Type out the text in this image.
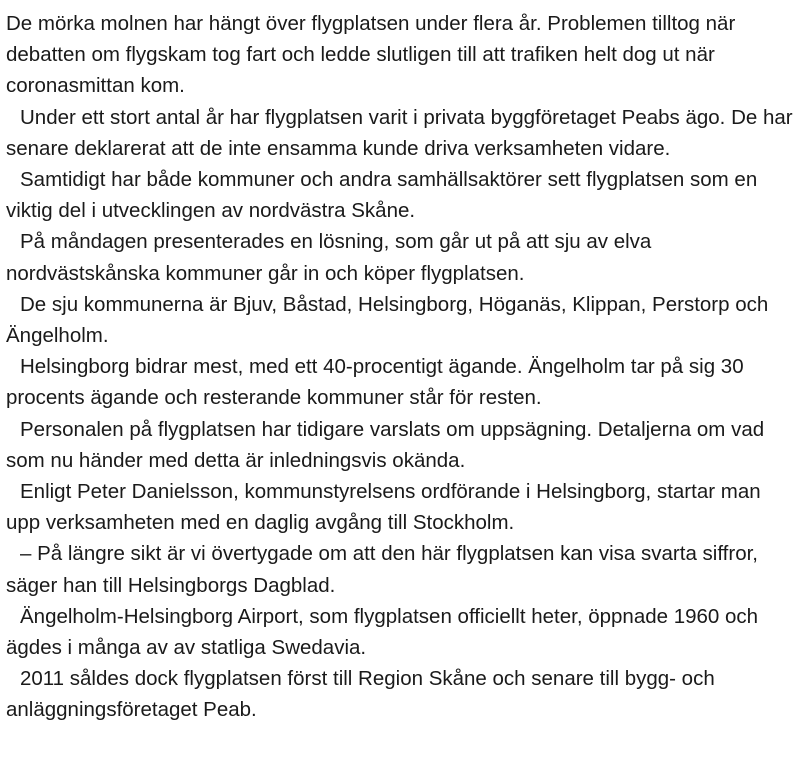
De mörka molnen har hängt över flygplatsen under flera år. Problemen tilltog när debatten om flygskam tog fart och ledde slutligen till att trafiken helt dog ut när coronasmittan kom.

Under ett stort antal år har flygplatsen varit i privata byggföretaget Peabs ägo. De har senare deklarerat att de inte ensamma kunde driva verksamheten vidare.

Samtidigt har både kommuner och andra samhällsaktörer sett flygplatsen som en viktig del i utvecklingen av nordvästra Skåne.

På måndagen presenterades en lösning, som går ut på att sju av elva nordvästskånska kommuner går in och köper flygplatsen.

De sju kommunerna är Bjuv, Båstad, Helsingborg, Höganäs, Klippan, Perstorp och Ängelholm.

Helsingborg bidrar mest, med ett 40-procentigt ägande. Ängelholm tar på sig 30 procents ägande och resterande kommuner står för resten.

Personalen på flygplatsen har tidigare varslats om uppsägning. Detaljerna om vad som nu händer med detta är inledningsvis okända.

Enligt Peter Danielsson, kommunstyrelsens ordförande i Helsingborg, startar man upp verksamheten med en daglig avgång till Stockholm.

– På längre sikt är vi övertygade om att den här flygplatsen kan visa svarta siffror, säger han till Helsingborgs Dagblad.

Ängelholm-Helsingborg Airport, som flygplatsen officiellt heter, öppnade 1960 och ägdes i många av av statliga Swedavia.

2011 såldes dock flygplatsen först till Region Skåne och senare till bygg- och anläggningsföretaget Peab.
